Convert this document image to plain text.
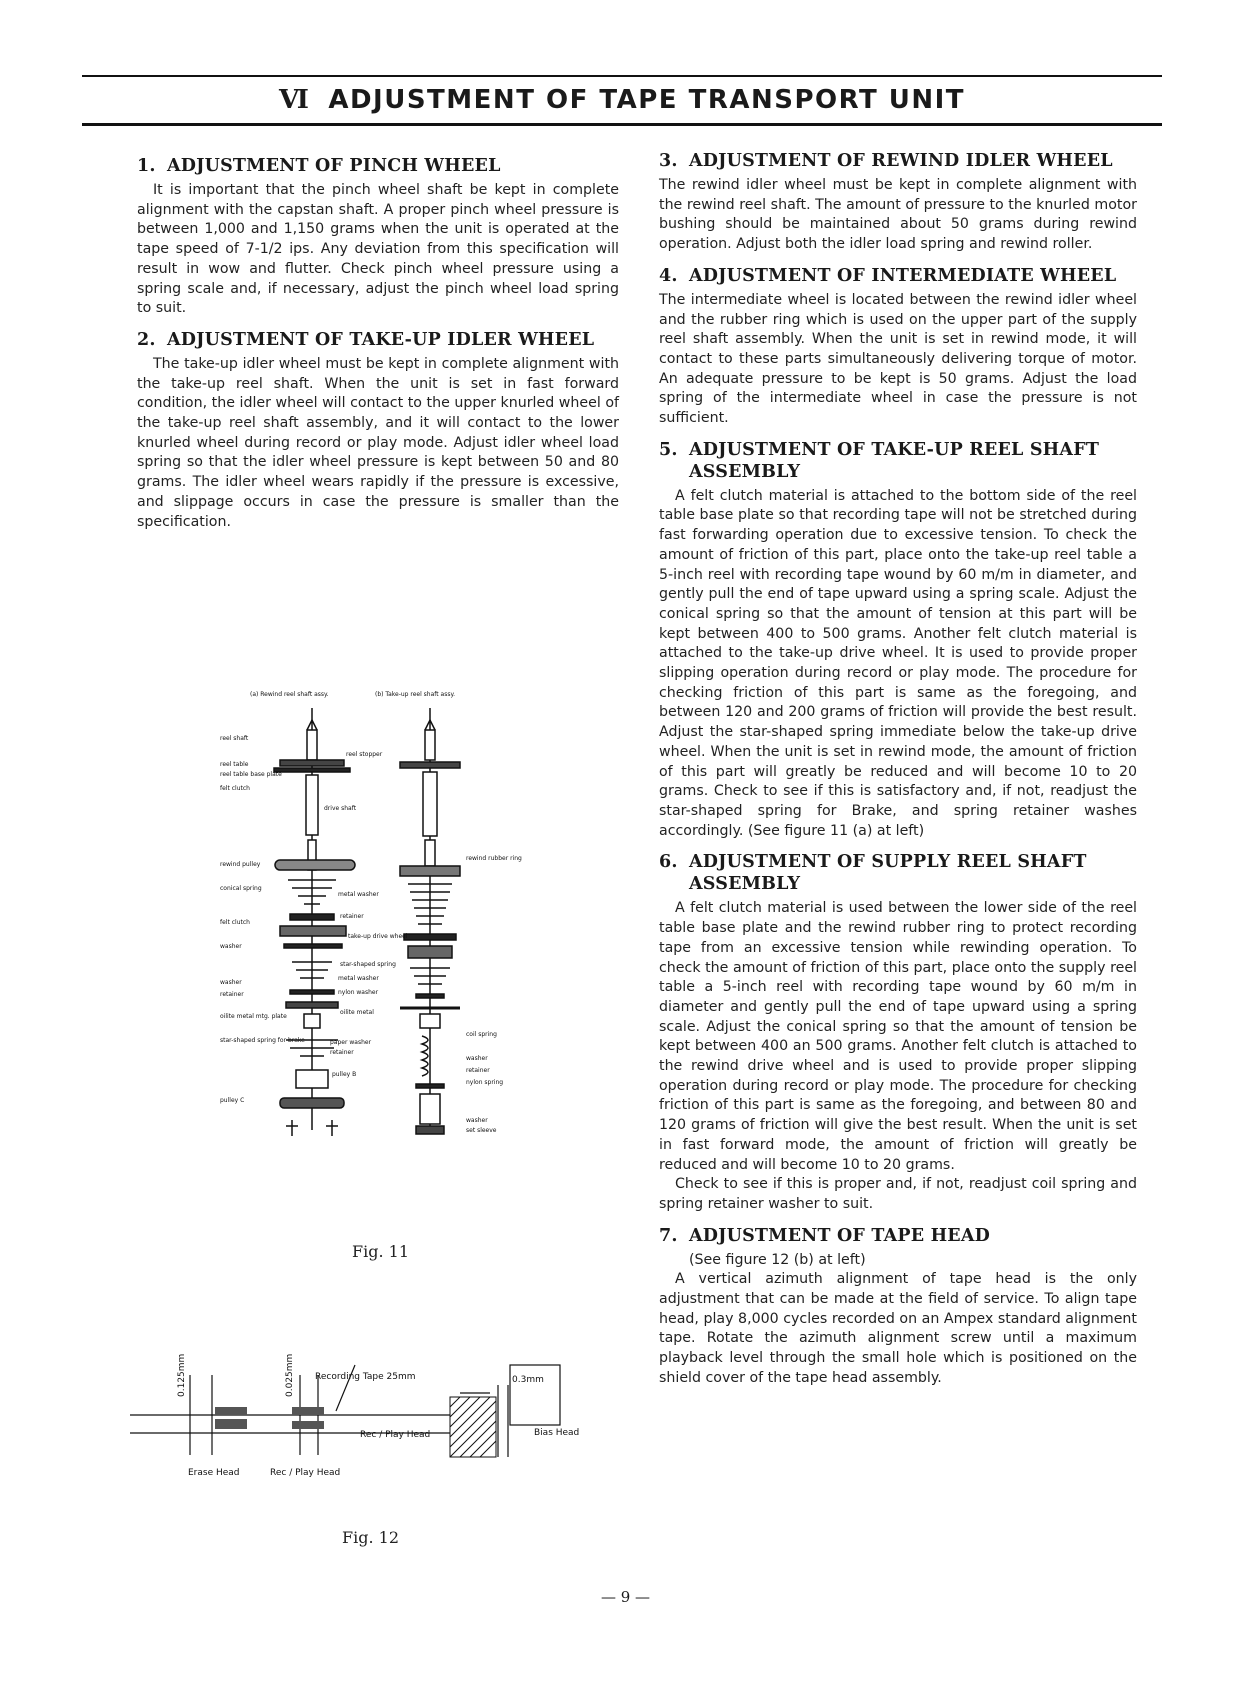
Ⅵ ADJUSTMENT OF TAPE TRANSPORT UNIT
1. ADJUSTMENT OF PINCH WHEEL

It is important that the pinch wheel shaft be kept in complete alignment with the capstan shaft. A proper pinch wheel pressure is between 1,000 and 1,150 grams when the unit is operated at the tape speed of 7-1/2 ips. Any deviation from this specification will result in wow and flutter. Check pinch wheel pressure using a spring scale and, if necessary, adjust the pinch wheel load spring to suit.

2. ADJUSTMENT OF TAKE-UP IDLER WHEEL

The take-up idler wheel must be kept in complete alignment with the take-up reel shaft. When the unit is set in fast forward condition, the idler wheel will contact to the upper knurled wheel of the take-up reel shaft assembly, and it will contact to the lower knurled wheel during record or play mode. Adjust idler wheel load spring so that the idler wheel pressure is kept between 50 and 80 grams. The idler wheel wears rapidly if the pressure is excessive, and slippage occurs in case the pressure is smaller than the specification.

(a) Rewind reel shaft assy.	(b) Take-up reel shaft assy.
reel shaft
reel table
reel table base plate
felt clutch
rewind pulley
conical spring
felt clutch
washer
washer
retainer
oilite metal mtg. plate
star-shaped spring for brake
pulley C
reel stopper
drive shaft
metal washer
retainer
take-up drive wheel
star-shaped spring
metal washer
nylon washer
oilite metal
paper washer
retainer
pulley B
rewind rubber ring
coil spring
washer
retainer
nylon spring
washer
set sleeve
Fig. 11
0.125mm	0.025mm Recording Tape 25mm	0.3mm
Rec / Play Head	Bias Head
Erase Head	Rec / Play Head
Fig. 12
3. ADJUSTMENT OF REWIND IDLER WHEEL

The rewind idler wheel must be kept in complete alignment with the rewind reel shaft. The amount of pressure to the knurled motor bushing should be maintained about 50 grams during rewind operation. Adjust both the idler load spring and rewind roller.

4. ADJUSTMENT OF INTERMEDIATE WHEEL

The intermediate wheel is located between the rewind idler wheel and the rubber ring which is used on the upper part of the supply reel shaft assembly. When the unit is set in rewind mode, it will contact to these parts simultaneously delivering torque of motor. An adequate pressure to be kept is 50 grams. Adjust the load spring of the intermediate wheel in case the pressure is not sufficient.

5. ADJUSTMENT OF TAKE-UP REEL SHAFT
ASSEMBLY

A felt clutch material is attached to the bottom side of the reel table base plate so that recording tape will not be stretched during fast forwarding operation due to excessive tension. To check the amount of friction of this part, place onto the take-up reel table a 5-inch reel with recording tape wound by 60 m/m in diameter, and gently pull the end of tape upward using a spring scale. Adjust the conical spring so that the amount of tension at this part will be kept between 400 to 500 grams. Another felt clutch material is attached to the take-up drive wheel. It is used to provide proper slipping operation during record or play mode. The procedure for checking friction of this part is same as the foregoing, and between 120 and 200 grams of friction will provide the best result. Adjust the star-shaped spring immediate below the take-up drive wheel. When the unit is set in rewind mode, the amount of friction of this part will greatly be reduced and will become 10 to 20 grams. Check to see if this is satisfactory and, if not, readjust the star-shaped spring for Brake, and spring retainer washes accordingly. (See figure 11 (a) at left)

6. ADJUSTMENT OF SUPPLY REEL SHAFT
ASSEMBLY

A felt clutch material is used between the lower side of the reel table base plate and the rewind rubber ring to protect recording tape from an excessive tension while rewinding operation. To check the amount of friction of this part, place onto the supply reel table a 5-inch reel with recording tape wound by 60 m/m in diameter and gently pull the end of tape upward using a spring scale. Adjust the conical spring so that the amount of tension be kept between 400 an 500 grams. Another felt clutch is attached to the rewind drive wheel and is used to provide proper slipping operation during record or play mode. The procedure for checking friction of this part is same as the foregoing, and between 80 and 120 grams of friction will give the best result. When the unit is set in fast forward mode, the amount of friction will greatly be reduced and will become 10 to 20 grams.

Check to see if this is proper and, if not, readjust coil spring and spring retainer washer to suit.

7. ADJUSTMENT OF TAPE HEAD

(See figure 12 (b) at left)

A vertical azimuth alignment of tape head is the only adjustment that can be made at the field of service. To align tape head, play 8,000 cycles recorded on an Ampex standard alignment tape. Rotate the azimuth alignment screw until a maximum playback level through the small hole which is positioned on the shield cover of the tape head assembly.

— 9 —
